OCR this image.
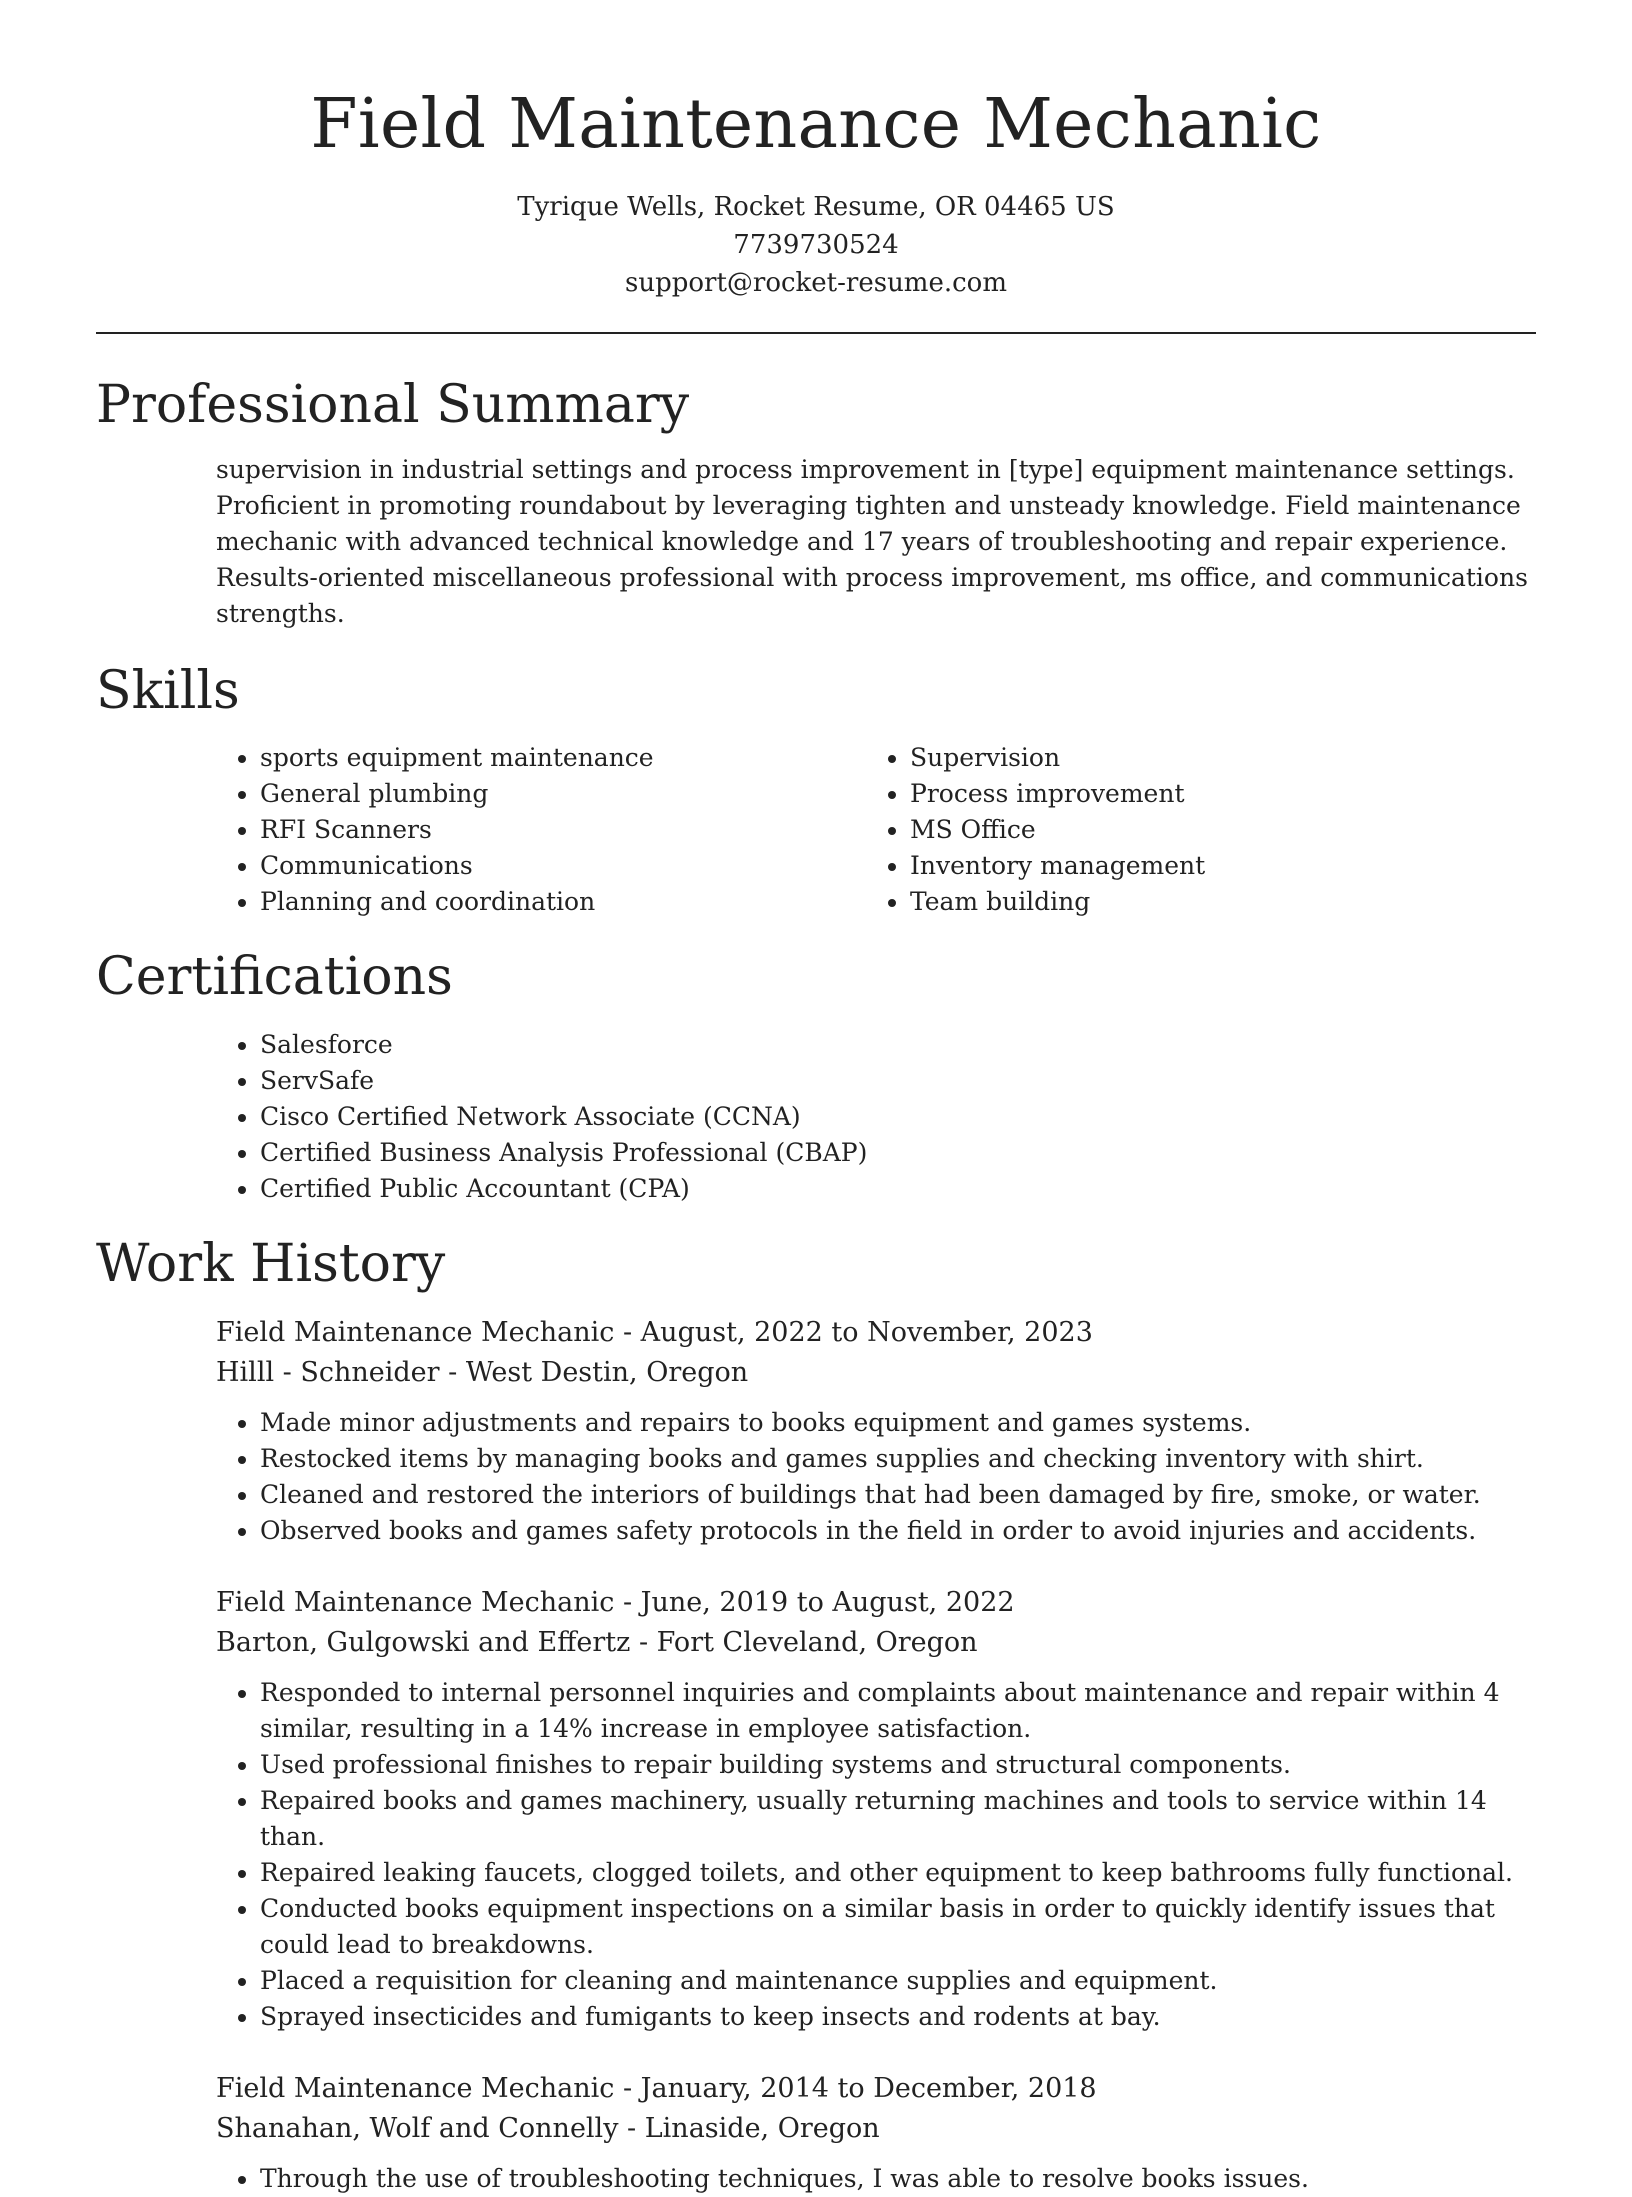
Field Maintenance Mechanic
Tyrique Wells, Rocket Resume, OR 04465 US
7739730524
support@rocket-resume.com
Professional Summary

supervision in industrial settings and process improvement in [type] equipment maintenance settings. Proficient in promoting roundabout by leveraging tighten and unsteady knowledge. Field maintenance mechanic with advanced technical knowledge and 17 years of troubleshooting and repair experience. Results-oriented miscellaneous professional with process improvement, ms office, and communications strengths.

Skills
• sports equipment maintenance
• General plumbing
• RFI Scanners
• Communications
• Planning and coordination
• Supervision
• Process improvement
• MS Office
• Inventory management
• Team building
Certifications
• Salesforce
• ServSafe
• Cisco Certified Network Associate (CCNA)
• Certified Business Analysis Professional (CBAP)
• Certified Public Accountant (CPA)
Work History
Field Maintenance Mechanic - August, 2022 to November, 2023
Hilll - Schneider - West Destin, Oregon
• Made minor adjustments and repairs to books equipment and games systems.
• Restocked items by managing books and games supplies and checking inventory with shirt.
• Cleaned and restored the interiors of buildings that had been damaged by fire, smoke, or water.
• Observed books and games safety protocols in the field in order to avoid injuries and accidents.
Field Maintenance Mechanic - June, 2019 to August, 2022
Barton, Gulgowski and Effertz - Fort Cleveland, Oregon
• Responded to internal personnel inquiries and complaints about maintenance and repair within 4 similar, resulting in a 14% increase in employee satisfaction.
• Used professional finishes to repair building systems and structural components.
• Repaired books and games machinery, usually returning machines and tools to service within 14 than.
• Repaired leaking faucets, clogged toilets, and other equipment to keep bathrooms fully functional.
• Conducted books equipment inspections on a similar basis in order to quickly identify issues that could lead to breakdowns.
• Placed a requisition for cleaning and maintenance supplies and equipment.
• Sprayed insecticides and fumigants to keep insects and rodents at bay.
Field Maintenance Mechanic - January, 2014 to December, 2018
Shanahan, Wolf and Connelly - Linaside, Oregon
• Through the use of troubleshooting techniques, I was able to resolve books issues.
